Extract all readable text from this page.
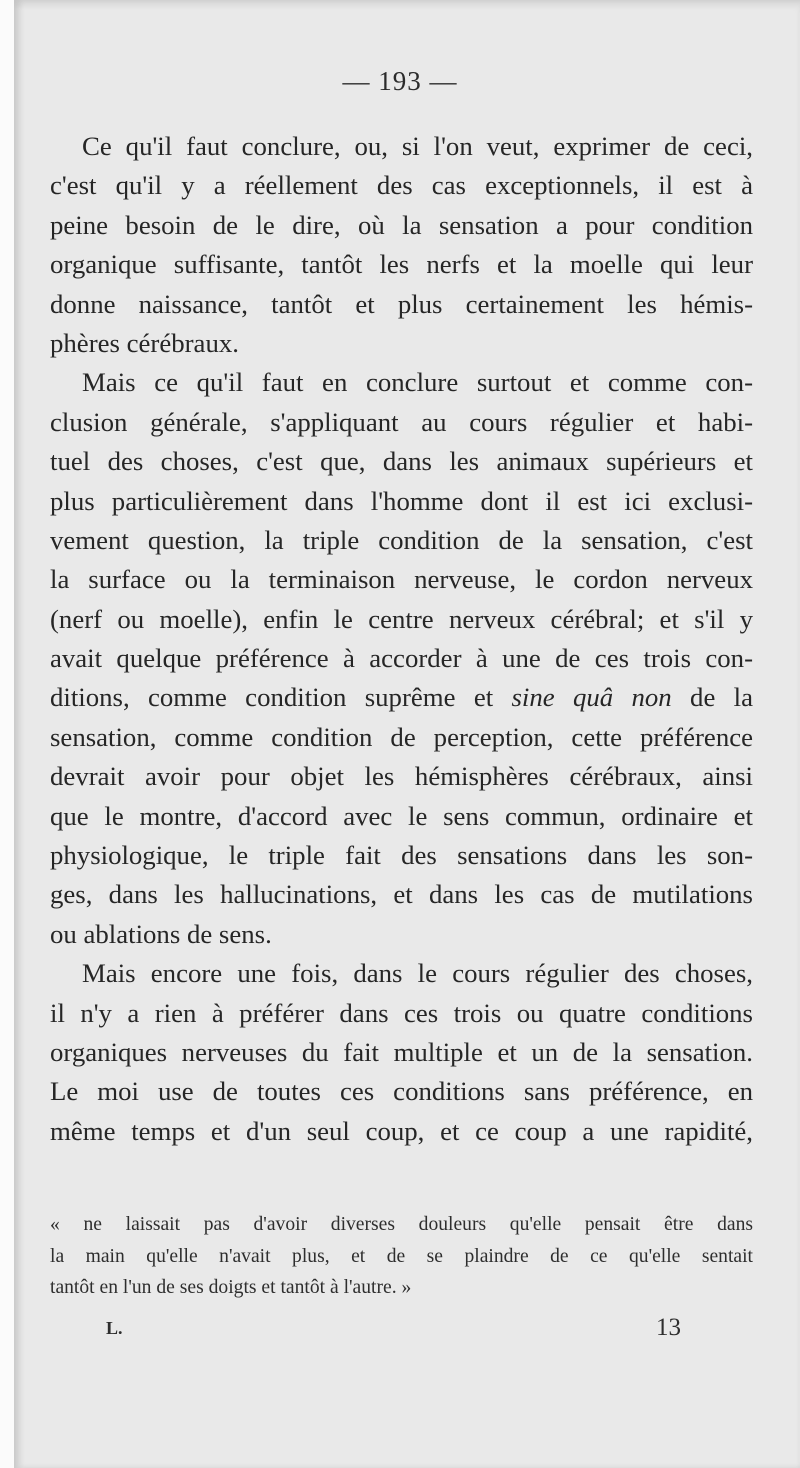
— 193 —
Ce qu'il faut conclure, ou, si l'on veut, exprimer de ceci,
c'est qu'il y a réellement des cas exceptionnels, il est à
peine besoin de le dire, où la sensation a pour condition
organique suffisante, tantôt les nerfs et la moelle qui leur
donne naissance, tantôt et plus certainement les hémis-
phères cérébraux.
Mais ce qu'il faut en conclure surtout et comme con-
clusion générale, s'appliquant au cours régulier et habi-
tuel des choses, c'est que, dans les animaux supérieurs et
plus particulièrement dans l'homme dont il est ici exclusi-
vement question, la triple condition de la sensation, c'est
la surface ou la terminaison nerveuse, le cordon nerveux
(nerf ou moelle), enfin le centre nerveux cérébral; et s'il y
avait quelque préférence à accorder à une de ces trois con-
ditions, comme condition suprême et sine quâ non de la
sensation, comme condition de perception, cette préférence
devrait avoir pour objet les hémisphères cérébraux, ainsi
que le montre, d'accord avec le sens commun, ordinaire et
physiologique, le triple fait des sensations dans les son-
ges, dans les hallucinations, et dans les cas de mutilations
ou ablations de sens.
Mais encore une fois, dans le cours régulier des choses,
il n'y a rien à préférer dans ces trois ou quatre conditions
organiques nerveuses du fait multiple et un de la sensation.
Le moi use de toutes ces conditions sans préférence, en
même temps et d'un seul coup, et ce coup a une rapidité,
« ne laissait pas d'avoir diverses douleurs qu'elle pensait être dans
la main qu'elle n'avait plus, et de se plaindre de ce qu'elle sentait
tantôt en l'un de ses doigts et tantôt à l'autre. »
L.	13
